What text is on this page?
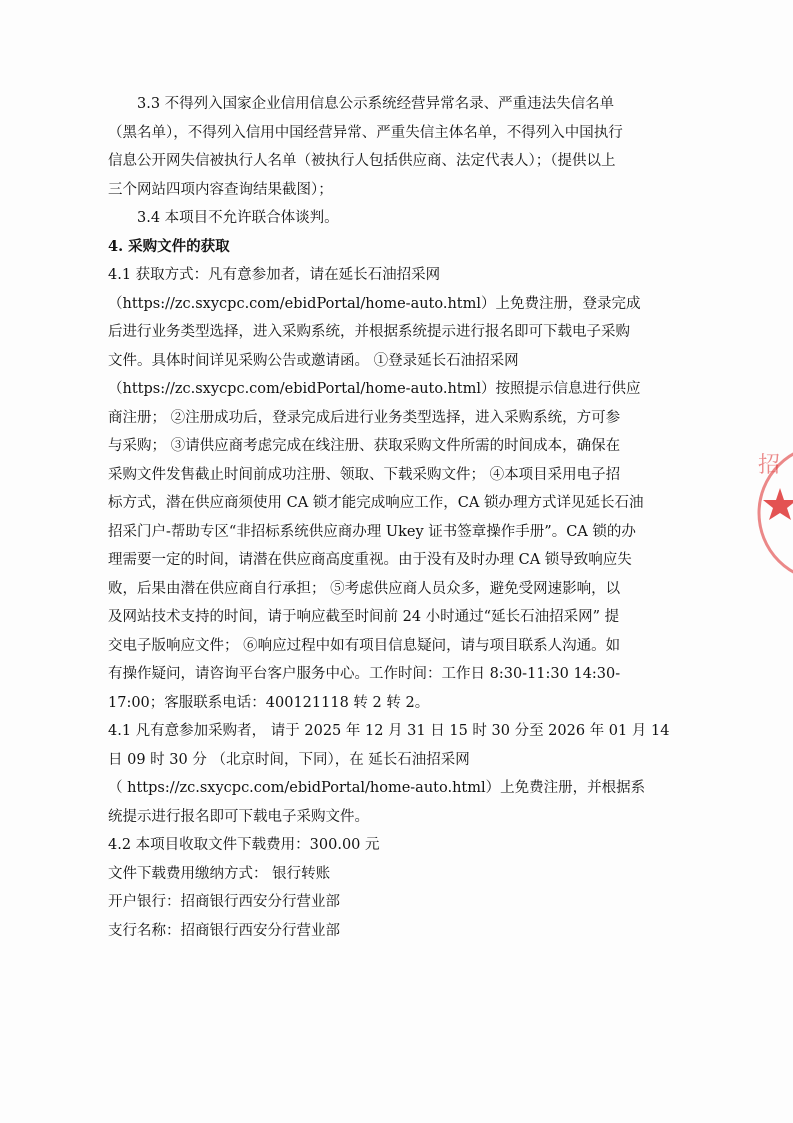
3.3 不得列入国家企业信用信息公示系统经营异常名录、严重违法失信名单
（黑名单），不得列入信用中国经营异常、严重失信主体名单，不得列入中国执行
信息公开网失信被执行人名单（被执行人包括供应商、法定代表人）；（提供以上
三个网站四项内容查询结果截图）；
3.4 本项目不允许联合体谈判。
4. 采购文件的获取
4.1 获取方式：凡有意参加者，请在延长石油招采网
（https://zc.sxycpc.com/ebidPortal/home-auto.html）上免费注册，登录完成
后进行业务类型选择，进入采购系统，并根据系统提示进行报名即可下载电子采购
文件。具体时间详见采购公告或邀请函。 ①登录延长石油招采网
（https://zc.sxycpc.com/ebidPortal/home-auto.html）按照提示信息进行供应
商注册； ②注册成功后，登录完成后进行业务类型选择，进入采购系统，方可参
与采购； ③请供应商考虑完成在线注册、获取采购文件所需的时间成本，确保在
采购文件发售截止时间前成功注册、领取、下载采购文件； ④本项目采用电子招
标方式，潜在供应商须使用 CA 锁才能完成响应工作，CA 锁办理方式详见延长石油
招采门户-帮助专区“非招标系统供应商办理 Ukey 证书签章操作手册”。CA 锁的办
理需要一定的时间，请潜在供应商高度重视。由于没有及时办理 CA 锁导致响应失
败，后果由潜在供应商自行承担； ⑤考虑供应商人员众多，避免受网速影响，以
及网站技术支持的时间，请于响应截至时间前 24 小时通过“延长石油招采网” 提
交电子版响应文件； ⑥响应过程中如有项目信息疑问，请与项目联系人沟通。如
有操作疑问，请咨询平台客户服务中心。工作时间：工作日 8:30-11:30 14:30-
17:00；客服联系电话：400121118 转 2 转 2。
4.1 凡有意参加采购者， 请于 2025 年 12 月 31 日 15 时 30 分至 2026 年 01 月 14
日 09 时 30 分 （北京时间，下同），在 延长石油招采网
（ https://zc.sxycpc.com/ebidPortal/home-auto.html）上免费注册，并根据系
统提示进行报名即可下载电子采购文件。
4.2 本项目收取文件下载费用：300.00 元
文件下载费用缴纳方式： 银行转账
开户银行：招商银行西安分行营业部
支行名称：招商银行西安分行营业部
招
